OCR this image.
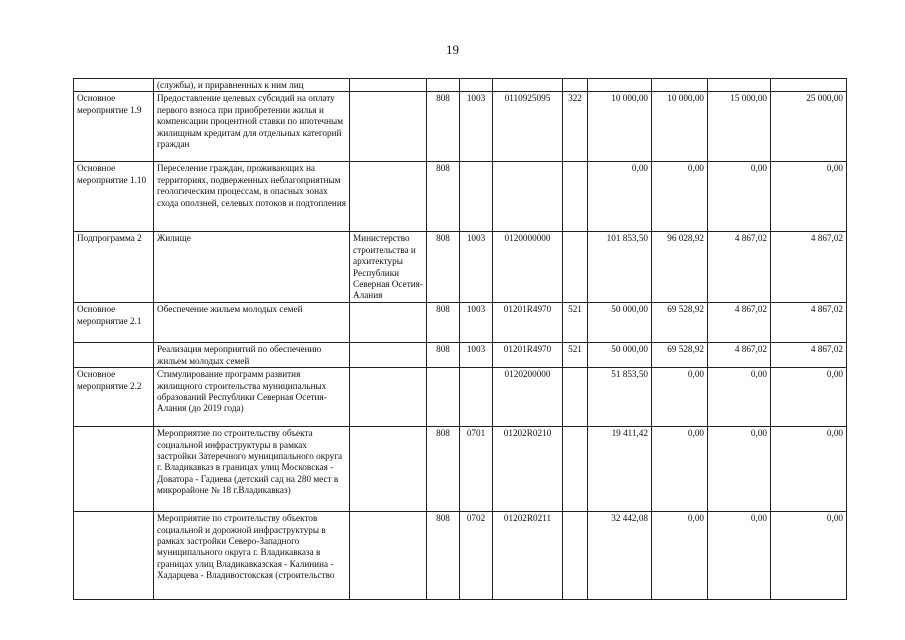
19

	(службы), и приравненных к ним лиц									

Основное мероприятие 1.9	Предоставление целевых субсидий на оплату первого взноса при приобретении жилья и компенсации процентной ставки по ипотечным жилищным кредитам для отдельных категорий граждан		808	1003	0110925095	322	10 000,00	10 000,00	15 000,00	25 000,00

Основное мероприятие 1.10	Переселение граждан, проживающих на территориях, подверженных неблагоприятным геологическим процессам, в опасных зонах схода оползней, селевых потоков и подтопления		808				0,00	0,00	0,00	0,00

Подпрограмма 2	Жилище	Министерство строительства и архитектуры Республики Северная Осетия-Алания	808	1003	0120000000		101 853,50	96 028,92	4 867,02	4 867,02

Основное мероприятие 2.1	Обеспечение жильем молодых семей		808	1003	01201R4970	521	50 000,00	69 528,92	4 867,02	4 867,02

	Реализация мероприятий по обеспечению жильем молодых семей		808	1003	01201R4970	521	50 000,00	69 528,92	4 867,02	4 867,02

Основное мероприятие 2.2	Стимулирование программ развития жилищного строительства муниципальных образований Республики Северная Осетия-Алания (до 2019 года)				0120200000		51 853,50	0,00	0,00	0,00

	Мероприятие по строительству объекта социальной инфраструктуры в рамках застройки Затеречного муниципального округа г. Владикавказ в границах улиц Московская - Доватора - Гадиева (детский сад на 280 мест в микрорайоне № 18 г.Владикавказ)		808	0701	01202R0210		19 411,42	0,00	0,00	0,00

	Мероприятие по строительству объектов социальной и дорожной инфраструктуры в рамках застройки Северо-Западного муниципального округа г. Владикавказа в границах улиц Владикавказская - Калинина - Хадарцева - Владивостокская (строительство		808	0702	01202R0211		32 442,08	0,00	0,00	0,00
